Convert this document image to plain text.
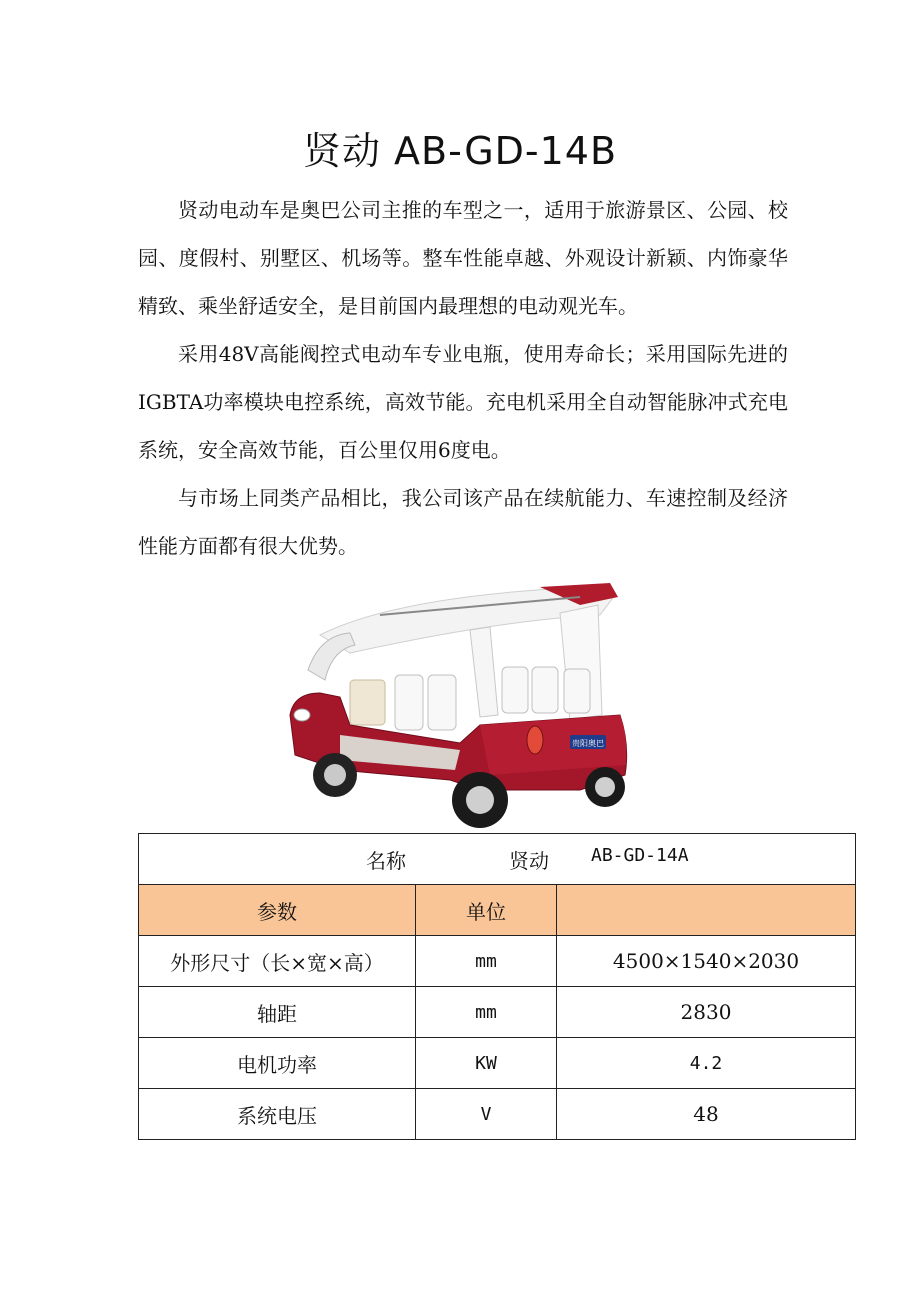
贤动 AB-GD-14B

贤动电动车是奥巴公司主推的车型之一，适用于旅游景区、公园、校园、度假村、别墅区、机场等。整车性能卓越、外观设计新颖、内饰豪华精致、乘坐舒适安全，是目前国内最理想的电动观光车。

采用48V高能阀控式电动车专业电瓶，使用寿命长；采用国际先进的IGBTA功率模块电控系统，高效节能。充电机采用全自动智能脉冲式充电系统，安全高效节能，百公里仅用6度电。

与市场上同类产品相比，我公司该产品在续航能力、车速控制及经济性能方面都有很大优势。

贵阳奥巴
名称 贤动 AB-GD-14A		

参数	单位	
外形尺寸（长×宽×高）	mm	4500×1540×2030
轴距	mm	2830
电机功率	KW	4.2
系统电压	V	48
